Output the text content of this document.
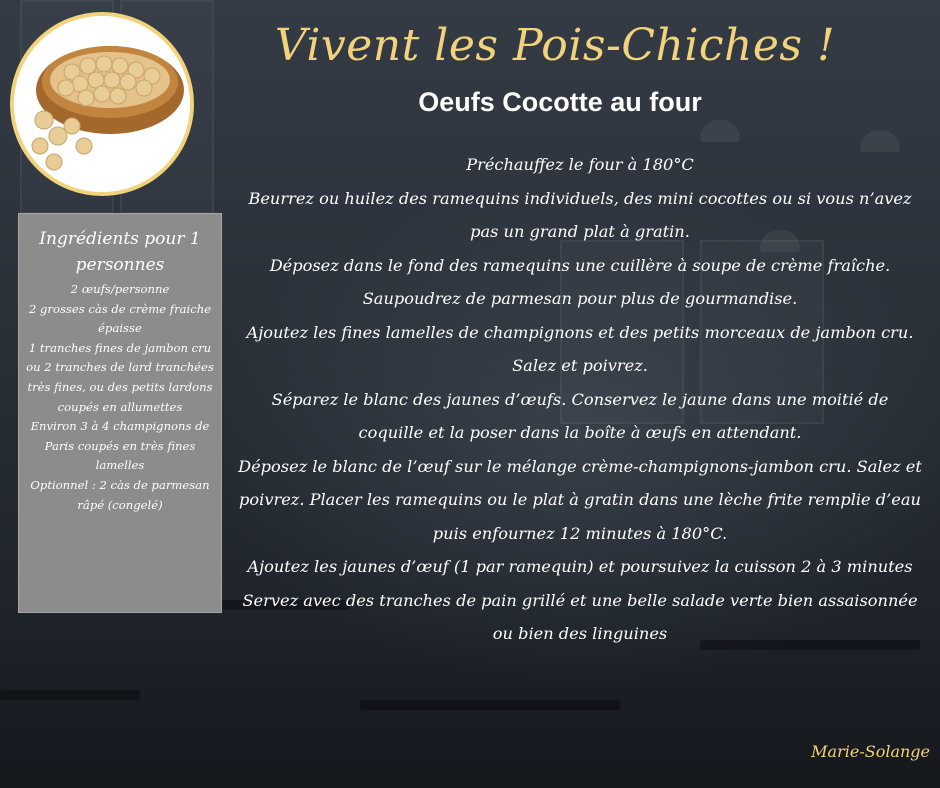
Vivent les Pois-Chiches !
Oeufs Cocotte au four

Ingrédients pour 1 personnes

2 œufs/personne

2 grosses càs de crème fraiche épaisse

1 tranches fines de jambon cru ou 2 tranches de lard tranchées très fines, ou des petits lardons coupés en allumettes

Environ 3 à 4 champignons de Paris coupés en très fines lamelles

Optionnel : 2 càs de parmesan râpé (congelé)

Préchauffez le four à 180°C

Beurrez ou huilez des ramequins individuels, des mini cocottes ou si vous n’avez pas un grand plat à gratin.

Déposez dans le fond des ramequins une cuillère à soupe de crème fraîche. Saupoudrez de parmesan pour plus de gourmandise.

Ajoutez les fines lamelles de champignons et des petits morceaux de jambon cru. Salez et poivrez.

Séparez le blanc des jaunes d’œufs. Conservez le jaune dans une moitié de coquille et la poser dans la boîte à œufs en attendant.

Déposez le blanc de l’œuf sur le mélange crème-champignons-jambon cru. Salez et poivrez. Placer les ramequins ou le plat à gratin dans une lèche frite remplie d’eau puis enfournez 12 minutes à 180°C.

Ajoutez les jaunes d’œuf (1 par ramequin) et poursuivez la cuisson 2 à 3 minutes

Servez avec des tranches de pain grillé et une belle salade verte bien assaisonnée ou bien des linguines

Marie-Solange
